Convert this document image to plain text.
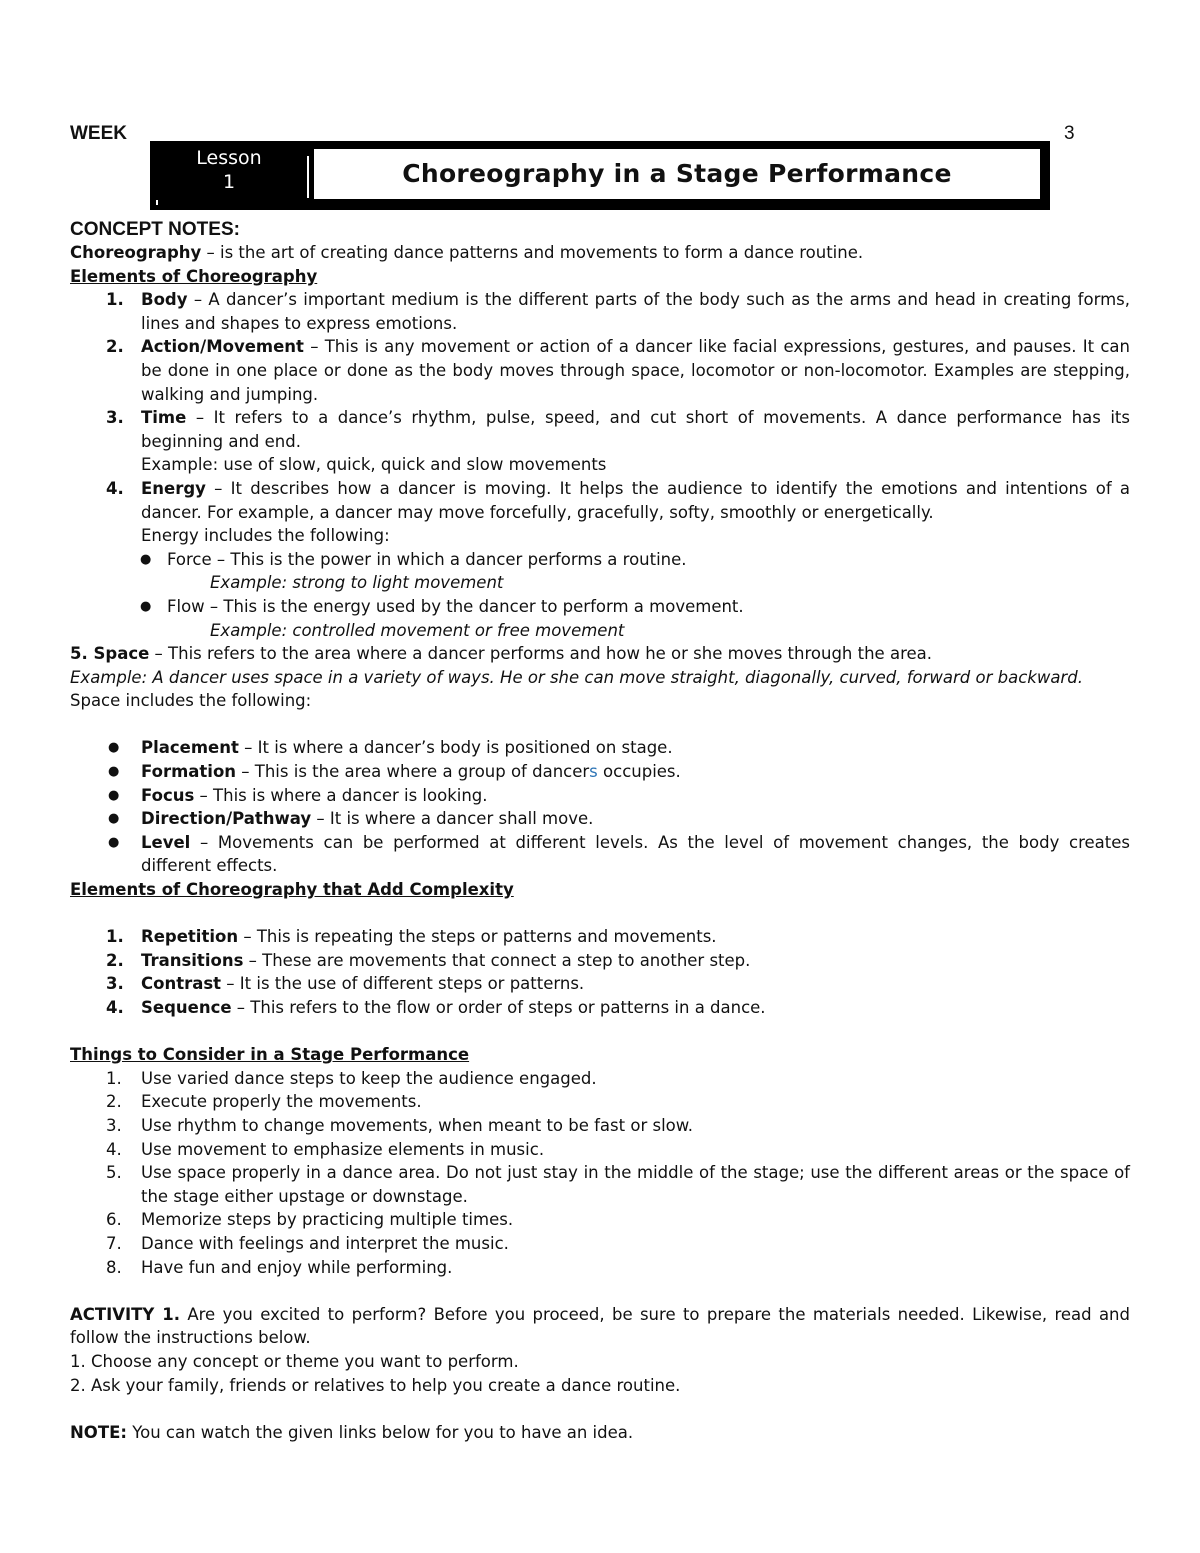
WEEK	3
Lesson
1	Choreography in a Stage Performance

CONCEPT NOTES:

Choreography – is the art of creating dance patterns and movements to form a dance routine.

Elements of Choreography

1.	Body – A dancer’s important medium is the different parts of the body such as the arms and head in creating forms, lines and shapes to express emotions.
2.	Action/Movement – This is any movement or action of a dancer like facial expressions, gestures, and pauses. It can be done in one place or done as the body moves through space, locomotor or non-locomotor. Examples are stepping, walking and jumping.
3.	Time – It refers to a dance’s rhythm, pulse, speed, and cut short of movements. A dance performance has its beginning and end.
Example: use of slow, quick, quick and slow movements
4.	Energy – It describes how a dancer is moving. It helps the audience to identify the emotions and intentions of a dancer. For example, a dancer may move forcefully, gracefully, softy, smoothly or energetically.
Energy includes the following:
● Force – This is the power in which a dancer performs a routine.
Example: strong to light movement
● Flow – This is the energy used by the dancer to perform a movement.
Example: controlled movement or free movement

5. Space – This refers to the area where a dancer performs and how he or she moves through the area.

Example: A dancer uses space in a variety of ways. He or she can move straight, diagonally, curved, forward or backward.

Space includes the following:

● Placement – It is where a dancer’s body is positioned on stage.
● Formation – This is the area where a group of dancers occupies.
● Focus – This is where a dancer is looking.
● Direction/Pathway – It is where a dancer shall move.
● Level – Movements can be performed at different levels. As the level of movement changes, the body creates different effects.

Elements of Choreography that Add Complexity

1.	Repetition – This is repeating the steps or patterns and movements.
2.	Transitions – These are movements that connect a step to another step.
3.	Contrast – It is the use of different steps or patterns.
4.	Sequence – This refers to the flow or order of steps or patterns in a dance.

Things to Consider in a Stage Performance

1.	Use varied dance steps to keep the audience engaged.
2.	Execute properly the movements.
3.	Use rhythm to change movements, when meant to be fast or slow.
4.	Use movement to emphasize elements in music.
5.	Use space properly in a dance area. Do not just stay in the middle of the stage; use the different areas or the space of the stage either upstage or downstage.
6.	Memorize steps by practicing multiple times.
7.	Dance with feelings and interpret the music.
8.	Have fun and enjoy while performing.

ACTIVITY 1. Are you excited to perform? Before you proceed, be sure to prepare the materials needed. Likewise, read and follow the instructions below.

1. Choose any concept or theme you want to perform.

2. Ask your family, friends or relatives to help you create a dance routine.

NOTE: You can watch the given links below for you to have an idea.
